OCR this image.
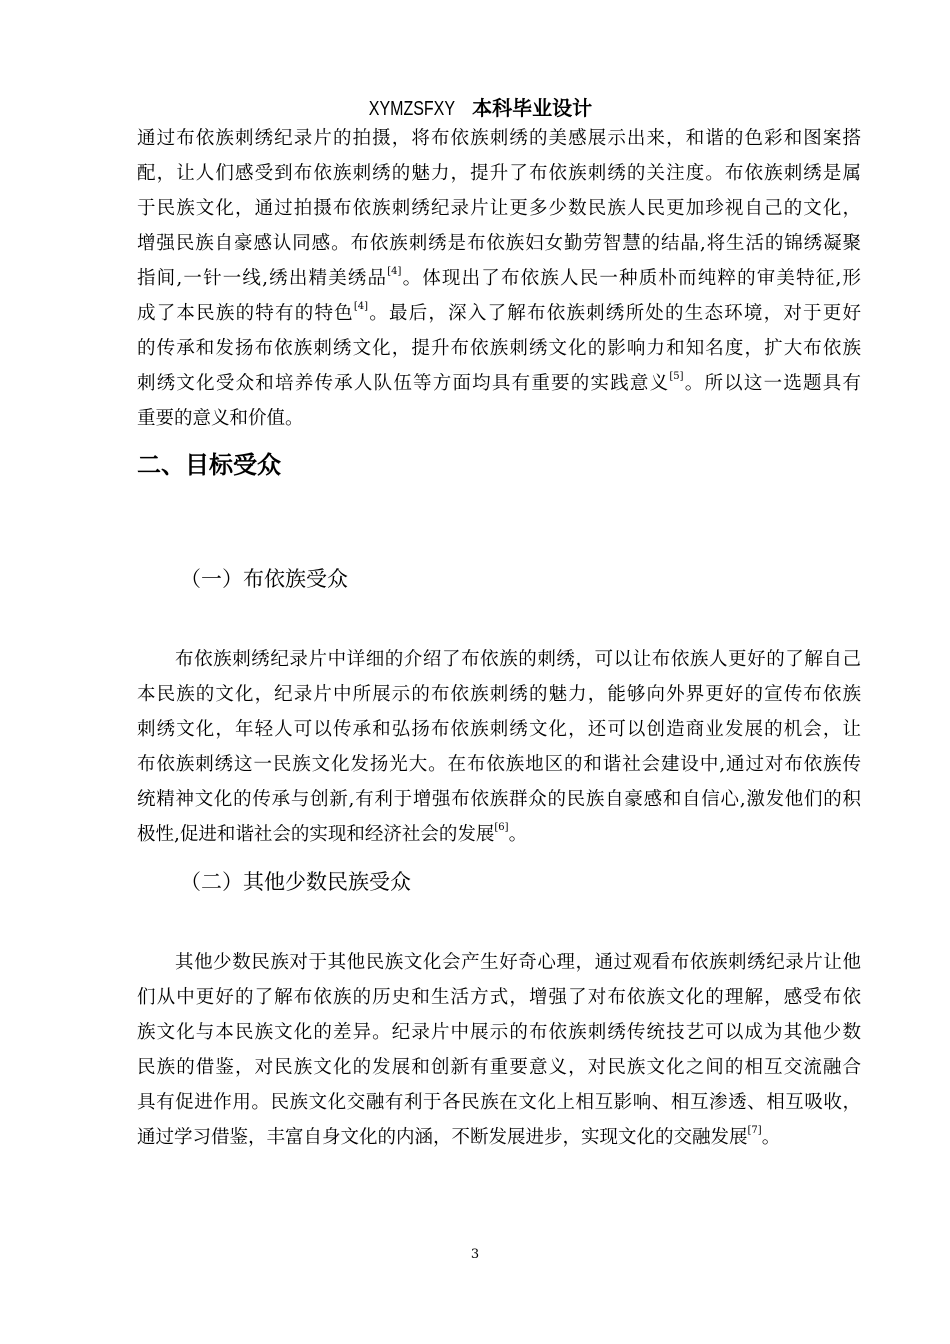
XYMZSFXY 本科毕业设计
通过布依族刺绣纪录片的拍摄，将布依族刺绣的美感展示出来，和谐的色彩和图案搭
配，让人们感受到布依族刺绣的魅力，提升了布依族刺绣的关注度。布依族刺绣是属
于民族文化，通过拍摄布依族刺绣纪录片让更多少数民族人民更加珍视自己的文化，
增强民族自豪感认同感。布依族刺绣是布依族妇女勤劳智慧的结晶,将生活的锦绣凝聚
指间,一针一线,绣出精美绣品[4]。体现出了布依族人民一种质朴而纯粹的审美特征,形
成了本民族的特有的特色[4]。最后，深入了解布依族刺绣所处的生态环境，对于更好
的传承和发扬布依族刺绣文化，提升布依族刺绣文化的影响力和知名度，扩大布依族
刺绣文化受众和培养传承人队伍等方面均具有重要的实践意义[5]。所以这一选题具有
重要的意义和价值。
二、目标受众
（一）布依族受众
布依族刺绣纪录片中详细的介绍了布依族的刺绣，可以让布依族人更好的了解自己
本民族的文化，纪录片中所展示的布依族刺绣的魅力，能够向外界更好的宣传布依族
刺绣文化，年轻人可以传承和弘扬布依族刺绣文化，还可以创造商业发展的机会，让
布依族刺绣这一民族文化发扬光大。在布依族地区的和谐社会建设中,通过对布依族传
统精神文化的传承与创新,有利于增强布依族群众的民族自豪感和自信心,激发他们的积
极性,促进和谐社会的实现和经济社会的发展[6]。
（二）其他少数民族受众
其他少数民族对于其他民族文化会产生好奇心理，通过观看布依族刺绣纪录片让他
们从中更好的了解布依族的历史和生活方式，增强了对布依族文化的理解，感受布依
族文化与本民族文化的差异。纪录片中展示的布依族刺绣传统技艺可以成为其他少数
民族的借鉴，对民族文化的发展和创新有重要意义，对民族文化之间的相互交流融合
具有促进作用。民族文化交融有利于各民族在文化上相互影响、相互渗透、相互吸收，
通过学习借鉴，丰富自身文化的内涵，不断发展进步，实现文化的交融发展[7]。
3
